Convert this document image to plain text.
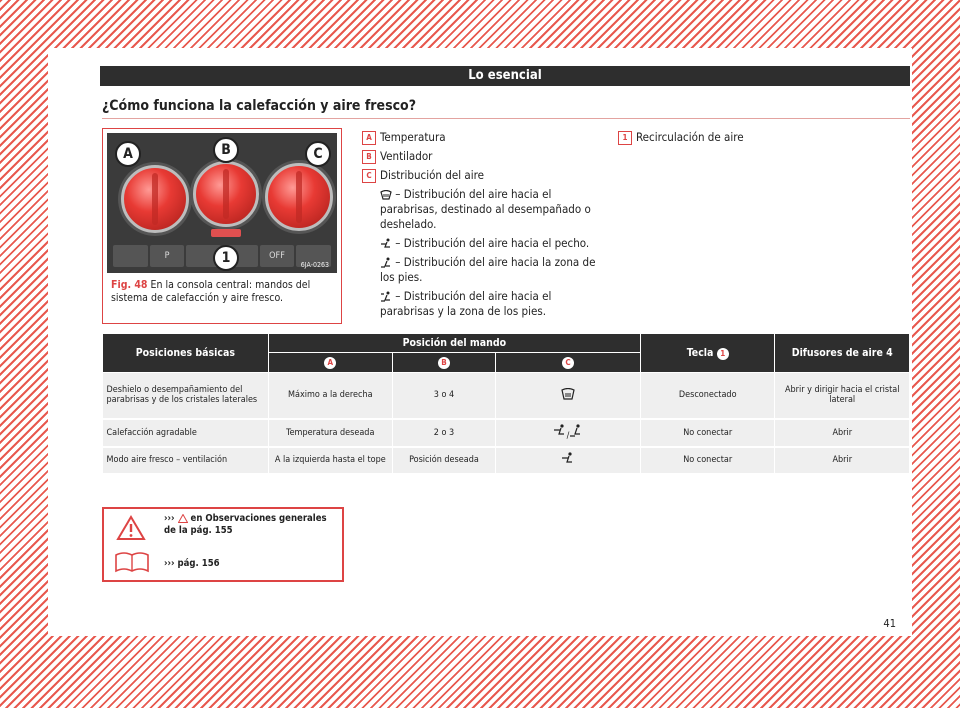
Lo esencial
¿Cómo funciona la calefacción y aire fresco?
P	OFF
A	B	C
1	6JA-0263
Fig. 48 En la consola central: mandos del sistema de calefacción y aire fresco.
A Temperatura
B Ventilador
C Distribución del aire
– Distribución del aire hacia el parabrisas, destinado al desempañado o deshelado.
– Distribución del aire hacia el pecho.
– Distribución del aire hacia la zona de los pies.
– Distribución del aire hacia el parabrisas y la zona de los pies.
1 Recirculación de aire
Posiciones básicas	Posición del mando			Tecla 1	Difusores de aire 4
	A	B	C		
Deshielo o desempañamiento del parabrisas y de los cristales laterales	Máximo a la derecha	3 o 4		Desconectado	Abrir y dirigir hacia el cristal lateral
Calefacción agradable	Temperatura deseada	2 o 3	/	No conectar	Abrir
Modo aire fresco – ventilación	A la izquierda hasta el tope	Posición deseada		No conectar	Abrir
››› en Observaciones generales de la pág. 155
››› pág. 156
41
